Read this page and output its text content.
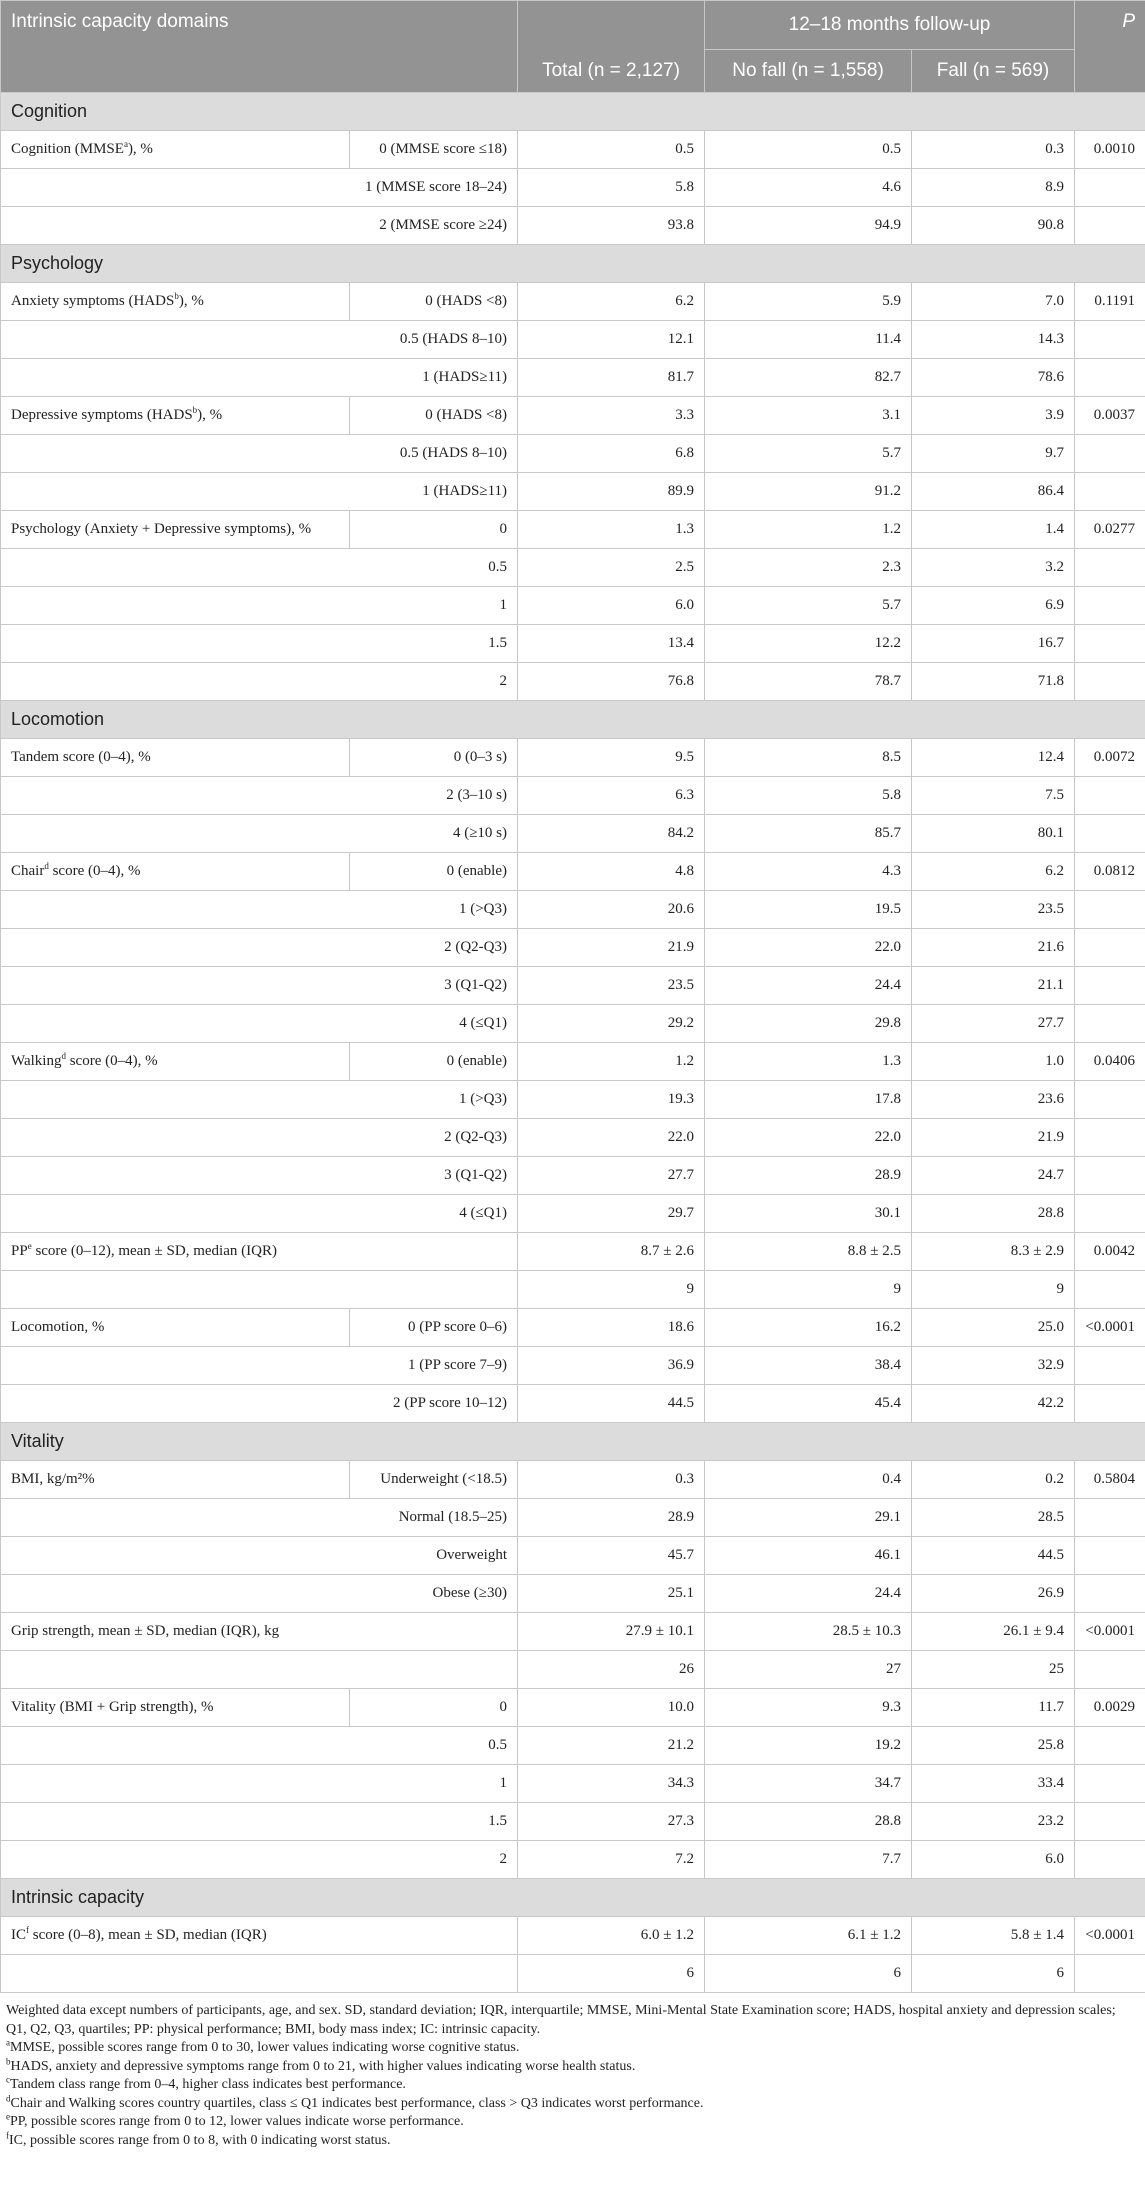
Intrinsic capacity domains		Total (n = 2,127)	12–18 months follow-up		P
			No fall (n = 1,558)	Fall (n = 569)	
Cognition					
Cognition (MMSE$^a$), %	0 (MMSE score ≤18)	0.5	0.5	0.3	0.0010
	1 (MMSE score 18–24)	5.8	4.6	8.9	
	2 (MMSE score ≥24)	93.8	94.9	90.8	
Psychology					
Anxiety symptoms (HADS$^b$), %	0 (HADS <8)	6.2	5.9	7.0	0.1191
	0.5 (HADS 8–10)	12.1	11.4	14.3	
	1 (HADS≥11)	81.7	82.7	78.6	
Depressive symptoms (HADS$^b$), %	0 (HADS <8)	3.3	3.1	3.9	0.0037
	0.5 (HADS 8–10)	6.8	5.7	9.7	
	1 (HADS≥11)	89.9	91.2	86.4	
Psychology (Anxiety + Depressive symptoms), %	0	1.3	1.2	1.4	0.0277
	0.5	2.5	2.3	3.2	
	1	6.0	5.7	6.9	
	1.5	13.4	12.2	16.7	
	2	76.8	78.7	71.8	
Locomotion					
Tandem score (0–4), %	0 (0–3 s)	9.5	8.5	12.4	0.0072
	2 (3–10 s)	6.3	5.8	7.5	
	4 (≥10 s)	84.2	85.7	80.1	
Chair$^d$ score (0–4), %	0 (enable)	4.8	4.3	6.2	0.0812
	1 (>Q3)	20.6	19.5	23.5	
	2 (Q2-Q3)	21.9	22.0	21.6	
	3 (Q1-Q2)	23.5	24.4	21.1	
	4 (≤Q1)	29.2	29.8	27.7	
Walking$^d$ score (0–4), %	0 (enable)	1.2	1.3	1.0	0.0406
	1 (>Q3)	19.3	17.8	23.6	
	2 (Q2-Q3)	22.0	22.0	21.9	
	3 (Q1-Q2)	27.7	28.9	24.7	
	4 (≤Q1)	29.7	30.1	28.8	
$PP^e$ score (0–12), mean ± SD, median (IQR)		8.7 ± 2.6	8.8 ± 2.5	8.3 ± 2.9	0.0042
		9	9	9	
Locomotion, %	0 (PP score 0–6)	18.6	16.2	25.0	<0.0001
	1 (PP score 7–9)	36.9	38.4	32.9	
	2 (PP score 10–12)	44.5	45.4	42.2	
Vitality					
BMI, kg/m²%	Underweight (<18.5)	0.3	0.4	0.2	0.5804
	Normal (18.5–25)	28.9	29.1	28.5	
	Overweight	45.7	46.1	44.5	
	Obese (≥30)	25.1	24.4	26.9	
Grip strength, mean ± SD, median (IQR), kg		27.9 ± 10.1	28.5 ± 10.3	26.1 ± 9.4	<0.0001
		26	27	25	
Vitality (BMI + Grip strength), %	0	10.0	9.3	11.7	0.0029
	0.5	21.2	19.2	25.8	
	1	34.3	34.7	33.4	
	1.5	27.3	28.8	23.2	
	2	7.2	7.7	6.0	
Intrinsic capacity					
$IC^f$ score (0–8), mean ± SD, median (IQR)		6.0 ± 1.2	6.1 ± 1.2	5.8 ± 1.4	<0.0001
		6	6	6	
Weighted data except numbers of participants, age, and sex. SD, standard deviation; IQR, interquartile; MMSE, Mini-Mental State Examination score; HADS, hospital anxiety and depression scales; Q1, Q2, Q3, quartiles; PP: physical performance; BMI, body mass index; IC: intrinsic capacity.
$^a$MMSE, possible scores range from 0 to 30, lower values indicating worse cognitive status.
$^b$HADS, anxiety and depressive symptoms range from 0 to 21, with higher values indicating worse health status.
$^c$Tandem class range from 0–4, higher class indicates best performance.
$^d$Chair and Walking scores country quartiles, class ≤ Q1 indicates best performance, class > Q3 indicates worst performance.
$^e$PP, possible scores range from 0 to 12, lower values indicate worse performance.
$^f$IC, possible scores range from 0 to 8, with 0 indicating worst status.
